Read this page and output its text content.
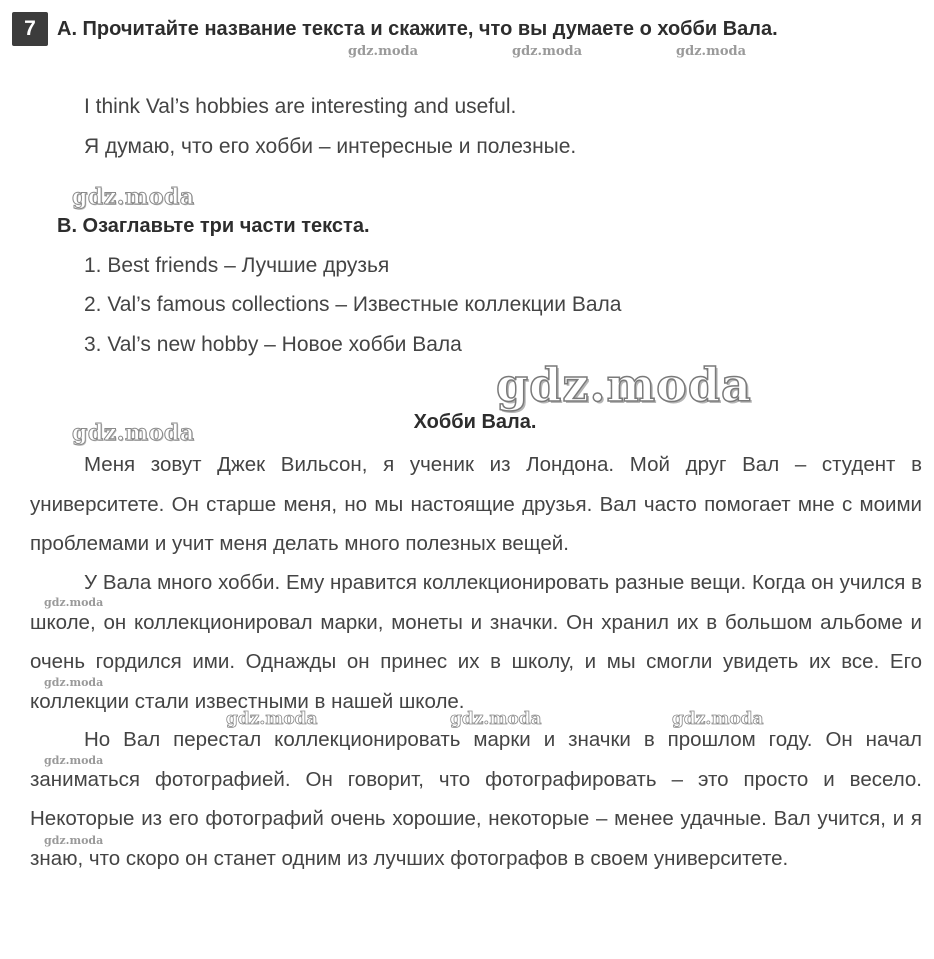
7	A. Прочитайте название текста и скажите, что вы думаете о хобби Вала.
I think Val’s hobbies are interesting and useful.
Я думаю, что его хобби – интересные и полезные.
B. Озаглавьте три части текста.
1. Best friends – Лучшие друзья
2. Val’s famous collections – Известные коллекции Вала
3. Val’s new hobby – Новое хобби Вала
Хобби Вала.
Меня зовут Джек Вильсон, я ученик из Лондона. Мой друг Вал – студент в университете. Он старше меня, но мы настоящие друзья. Вал часто помогает мне с моими проблемами и учит меня делать много полезных вещей.
У Вала много хобби. Ему нравится коллекционировать разные вещи. Когда он учился в школе, он коллекционировал марки, монеты и значки. Он хранил их в большом альбоме и очень гордился ими. Однажды он принес их в школу, и мы смогли увидеть их все. Его коллекции стали известными в нашей школе.
Но Вал перестал коллекционировать марки и значки в прошлом году. Он начал заниматься фотографией. Он говорит, что фотографировать – это просто и весело. Некоторые из его фотографий очень хорошие, некоторые – менее удачные. Вал учится, и я знаю, что скоро он станет одним из лучших фотографов в своем университете.
gdz.moda	gdz.moda	gdz.moda
gdz.moda
gdz.moda
gdz.moda
gdz.moda
gdz.moda
gdz.moda	gdz.moda	gdz.moda
gdz.moda
gdz.moda
